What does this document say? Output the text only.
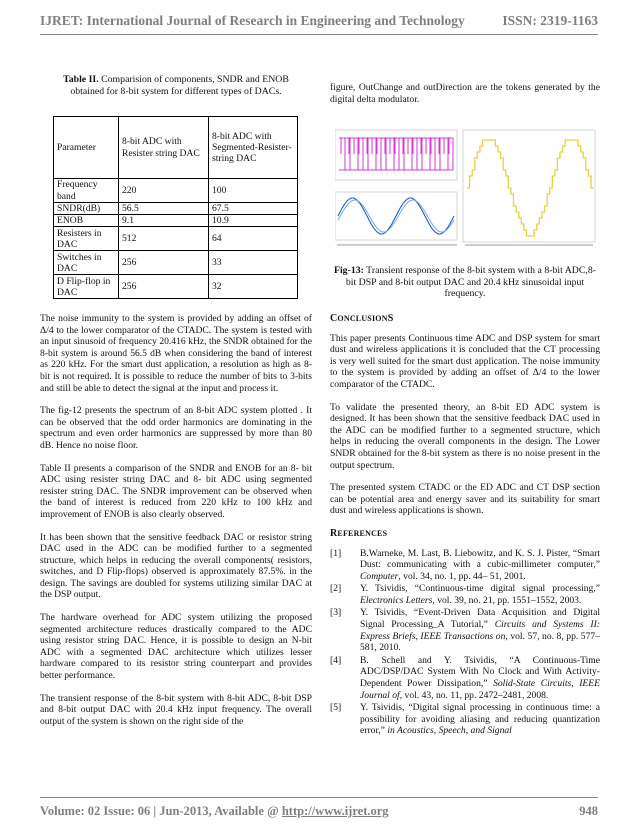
IJRET: International Journal of Research in Engineering and Technology	ISSN: 2319-1163

Table II. Comparision of components, SNDR and ENOB obtained for 8-bit system for different types of DACs.

Parameter	8-bit ADC with Resister string DAC	8-bit ADC with Segmented-Resister-string DAC
Frequency band	220	100
SNDR(dB)	56.5	67.5
ENOB	9.1	10.9
Resisters in DAC	512	64
Switches in DAC	256	33
D Flip-flop in DAC	256	32

The noise immunity to the system is provided by adding an offset of Δ/4 to the lower comparator of the CTADC. The system is tested with an input sinusoid of frequency 20.416 kHz, the SNDR obtained for the 8-bit system is around 56.5 dB when considering the band of interest as 220 kHz. For the smart dust application, a resolution as high as 8-bit is not required. It is possible to reduce the number of bits to 3-bits and still be able to detect the signal at the input and process it.

The fig-12 presents the spectrum of an 8-bit ADC system plotted . It can be observed that the odd order harmonics are dominating in the spectrum and even order harmonics are suppressed by more than 80 dB. Hence no noise floor.

Table II presents a comparison of the SNDR and ENOB for an 8- bit ADC using resister string DAC and 8- bit ADC using segmented resister string DAC. The SNDR improvement can be observed when the band of interest is reduced from 220 kHz to 100 kHz and improvement of ENOB is also clearly observed.

It has been shown that the sensitive feedback DAC or resistor string DAC used in the ADC can be modified further to a segmented structure, which helps in reducing the overall components( resistors, switches, and D Flip-flops) observed is approximately 87.5%. in the design. The savings are doubled for systems utilizing similar DAC at the DSP output.

The hardware overhead for ADC system utilizing the proposed segmented architecture reduces drastically compared to the ADC using resistor string DAC. Hence, it is possible to design an N-bit ADC with a segmented DAC architecture which utilizes lesser hardware compared to its resistor string counterpart and provides better performance.

The transient response of the 8-bit system with 8-bit ADC, 8-bit DSP and 8-bit output DAC with 20.4 kHz input frequency. The overall output of the system is shown on the right side of the

figure, OutChange and outDirection are the tokens generated by the digital delta modulator.

Fig-13: Transient response of the 8-bit system with a 8-bit ADC,8-bit DSP and 8-bit output DAC and 20.4 kHz sinusoidal input frequency.

CONCLUSIONS

This paper presents Continuous time ADC and DSP system for smart dust and wireless applications it is concluded that the CT processing is very well suited for the smart dust application. The noise immunity to the system is provided by adding an offset of Δ/4 to the lower comparator of the CTADC.

To validate the presented theory, an 8-bit ED ADC system is designed. It has been shown that the sensitive feedback DAC used in the ADC can be modified further to a segmented structure, which helps in reducing the overall components in the design. The Lower SNDR obtained for the 8-bit system as there is no noise present in the output spectrum.

The presented system CTADC or the ED ADC and CT DSP section can be potential area and energy saver and its suitability for smart dust and wireless applications is shown.

REFERENCES
[1] B.Warneke, M. Last, B. Liebowitz, and K. S. J. Pister, “Smart Dust: communicating with a cubic-millimeter computer,” Computer, vol. 34, no. 1, pp. 44– 51, 2001.
[2] Y. Tsividis, “Continuous-time digital signal processing,” Electronics Letters, vol. 39, no. 21, pp. 1551–1552, 2003.
[3] Y. Tsividis, “Event-Driven Data Acquisition and Digital Signal Processing_A Tutorial,” Circuits and Systems II: Express Briefs, IEEE Transactions on, vol. 57, no. 8, pp. 577–581, 2010.
[4] B. Schell and Y. Tsividis, “A Continuous-Time ADC/DSP/DAC System With No Clock and With Activity-Dependent Power Dissipation,” Solid-State Circuits, IEEE Journal of, vol. 43, no. 11, pp. 2472–2481, 2008.
[5] Y. Tsividis, “Digital signal processing in continuous time: a possibility for avoiding aliasing and reducing quantization error,” in Acoustics, Speech, and Signal
Volume: 02 Issue: 06 | Jun-2013, Available @ http://www.ijret.org	948
